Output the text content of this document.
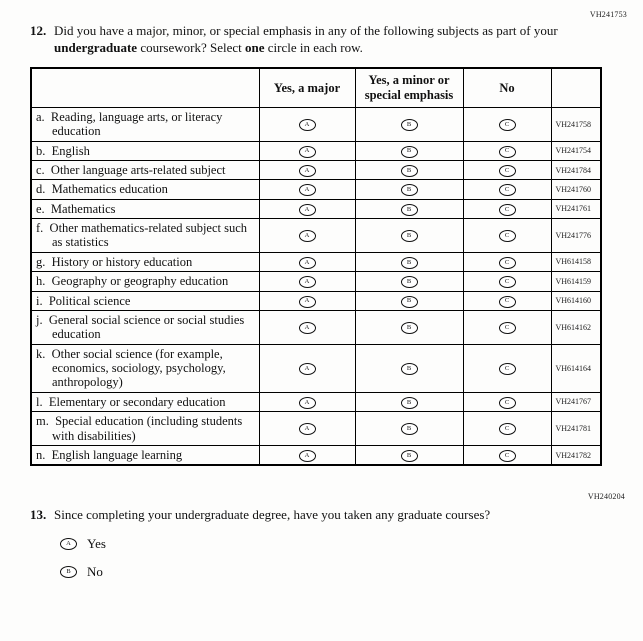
VH241753
12. Did you have a major, minor, or special emphasis in any of the following subjects as part of your undergraduate coursework? Select one circle in each row.
	Yes, a major	Yes, a minor or special emphasis	No	
a. Reading, language arts, or literacy education	A	B	C	VH241758
b. English	A	B	C	VH241754
c. Other language arts-related subject	A	B	C	VH241784
d. Mathematics education	A	B	C	VH241760
e. Mathematics	A	B	C	VH241761
f. Other mathematics-related subject such as statistics	A	B	C	VH241776
g. History or history education	A	B	C	VH614158
h. Geography or geography education	A	B	C	VH614159
i. Political science	A	B	C	VH614160
j. General social science or social studies education	A	B	C	VH614162
k. Other social science (for example, economics, sociology, psychology, anthropology)	A	B	C	VH614164
l. Elementary or secondary education	A	B	C	VH241767
m. Special education (including students with disabilities)	A	B	C	VH241781
n. English language learning	A	B	C	VH241782
VH240204
13. Since completing your undergraduate degree, have you taken any graduate courses?
A Yes
B No
